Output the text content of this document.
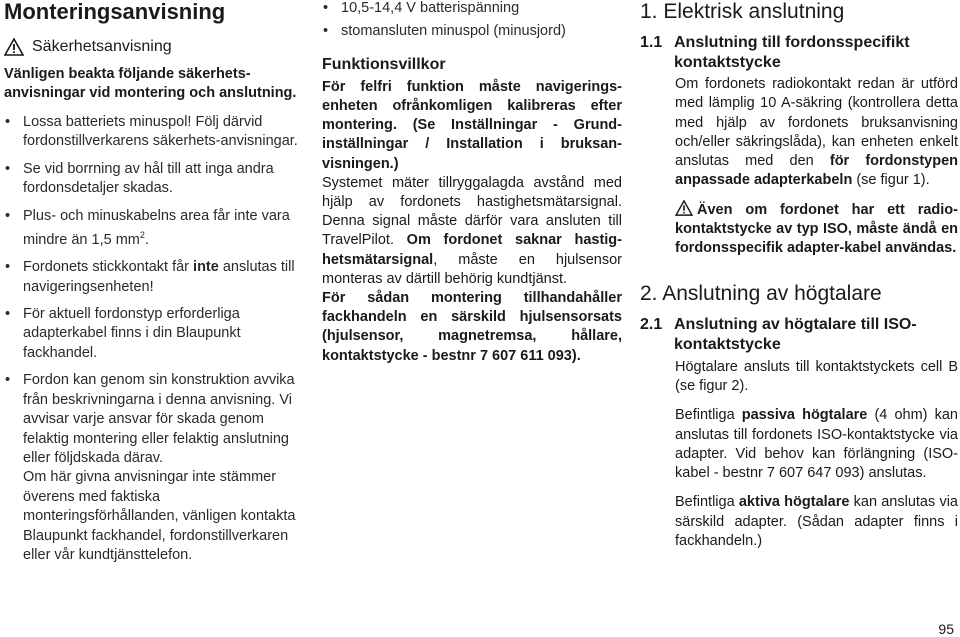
Monteringsanvisning
Säkerhetsanvisning

Vänligen beakta följande säkerhets-anvisningar vid montering och anslutning.

• Lossa batteriets minuspol! Följ därvid fordonstillverkarens säkerhets-anvisningar.
• Se vid borrning av hål till att inga andra fordonsdetaljer skadas.
• Plus- och minuskabelns area får inte vara mindre än 1,5 $mm^2$.
• Fordonets stickkontakt får inte anslutas till navigeringsenheten!
• För aktuell fordonstyp erforderliga adapterkabel finns i din Blaupunkt fackhandel.
• Fordon kan genom sin konstruktion avvika från beskrivningarna i denna anvisning. Vi avvisar varje ansvar för skada genom felaktig montering eller felaktig anslutning eller följdskada därav.
Om här givna anvisningar inte stämmer överens med faktiska monteringsförhållanden, vänligen kontakta Blaupunkt fackhandel, fordonstillverkaren eller vår kundtjänsttelefon.
• 10,5-14,4 V batterispänning
• stomansluten minuspol (minusjord)
Funktionsvillkor

För felfri funktion måste navigerings-enheten ofrånkomligen kalibreras efter montering. (Se Inställningar - Grund-inställningar / Installation i bruksan-visningen.)

Systemet mäter tillryggalagda avstånd med hjälp av fordonets hastighetsmätarsignal. Denna signal måste därför vara ansluten till TravelPilot. Om fordonet saknar hastig-hetsmätarsignal, måste en hjulsensor monteras av därtill behörig kundtjänst.

För sådan montering tillhandahåller fackhandeln en särskild hjulsensorsats (hjulsensor, magnetremsa, hållare, kontaktstycke - bestnr 7 607 611 093).

1. Elektrisk anslutning
1.1 Anslutning till fordonsspecifikt kontaktstycke

Om fordonets radiokontakt redan är utförd med lämplig 10 A-säkring (kontrollera detta med hjälp av fordonets bruksanvisning och/eller säkringslåda), kan enheten enkelt anslutas med den för fordonstypen anpassade adapterkabeln (se figur 1).

Även om fordonet har ett radio-kontaktstycke av typ ISO, måste ändå en fordonsspecifik adapter-kabel användas.

2. Anslutning av högtalare
2.1 Anslutning av högtalare till ISO-kontaktstycke

Högtalare ansluts till kontaktstyckets cell B (se figur 2).

Befintliga passiva högtalare (4 ohm) kan anslutas till fordonets ISO-kontaktstycke via adapter. Vid behov kan förlängning (ISO-kabel - bestnr 7 607 647 093) anslutas.

Befintliga aktiva högtalare kan anslutas via särskild adapter. (Sådan adapter finns i fackhandeln.)

95
